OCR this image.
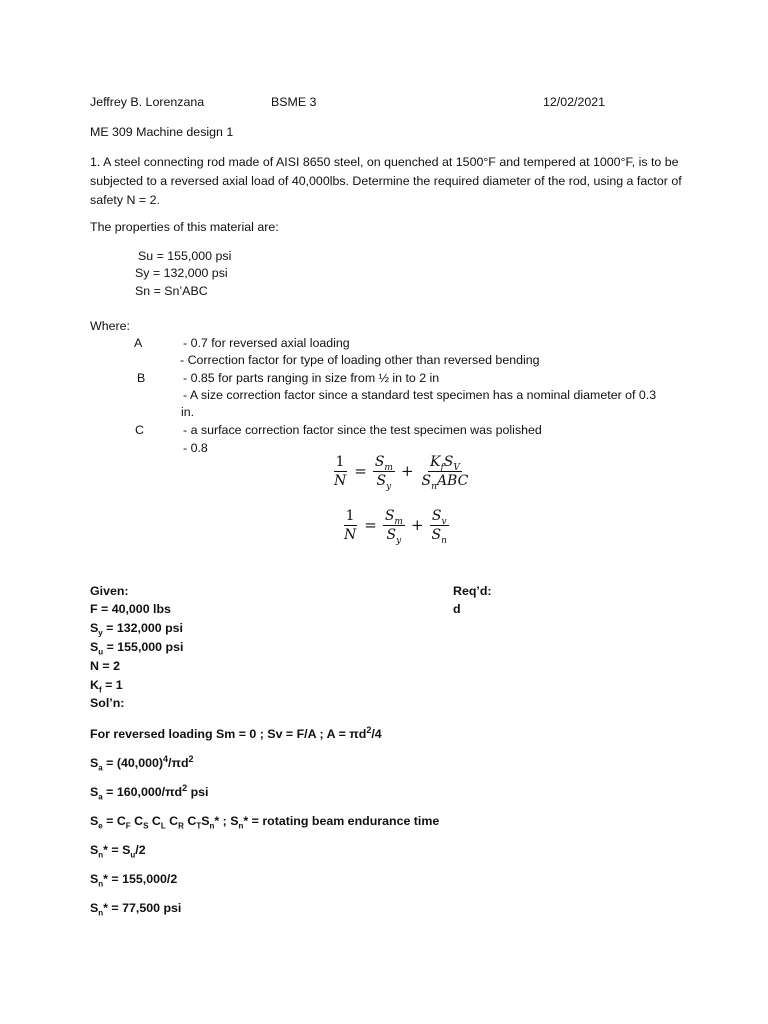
Jeffrey B. Lorenzana	BSME 3	12/02/2021
ME 309 Machine design 1
1. A steel connecting rod made of AISI 8650 steel, on quenched at 1500°F and tempered at 1000°F, is to be subjected to a reversed axial load of 40,000lbs. Determine the required diameter of the rod, using a factor of safety N = 2.
The properties of this material are:
Su = 155,000 psi
Sy = 132,000 psi
Sn = Sn’ABC
Where:
A	- 0.7 for reversed axial loading
- Correction factor for type of loading other than reversed bending
B	- 0.85 for parts ranging in size from ½ in to 2 in
- A size correction factor since a standard test specimen has a nominal diameter of 0.3
in.
C	- a surface correction factor since the test specimen was polished
- 0.8
$\frac{1}{N} = \frac{S_m}{S_y} + \frac{K_fS_V}{S_nABC}$
$\frac{1}{N} = \frac{S_m}{S_y} + \frac{S_v}{S_n}$
Given:	Req’d:
F = 40,000 lbs	d
$S_y = 132,000$ psi
$S_u = 155,000$ psi
N = 2
$K_f = 1$
Sol’n:
For reversed loading Sm = 0 ; Sv = F/A ; $A = \pi d^2/4$
$S_a = (40,000)^4/\pi d^2$
$S_a = 160,000/\pi d^2$ psi
$S_e = C_F$ $C_S$ $C_L$ $C_R$ $C_TS_n*$ ; $S_n*$ = rotating beam endurance time
$S_n* = S_u/2$
$S_n* = 155,000/2$
$S_n* = 77,500$ psi
